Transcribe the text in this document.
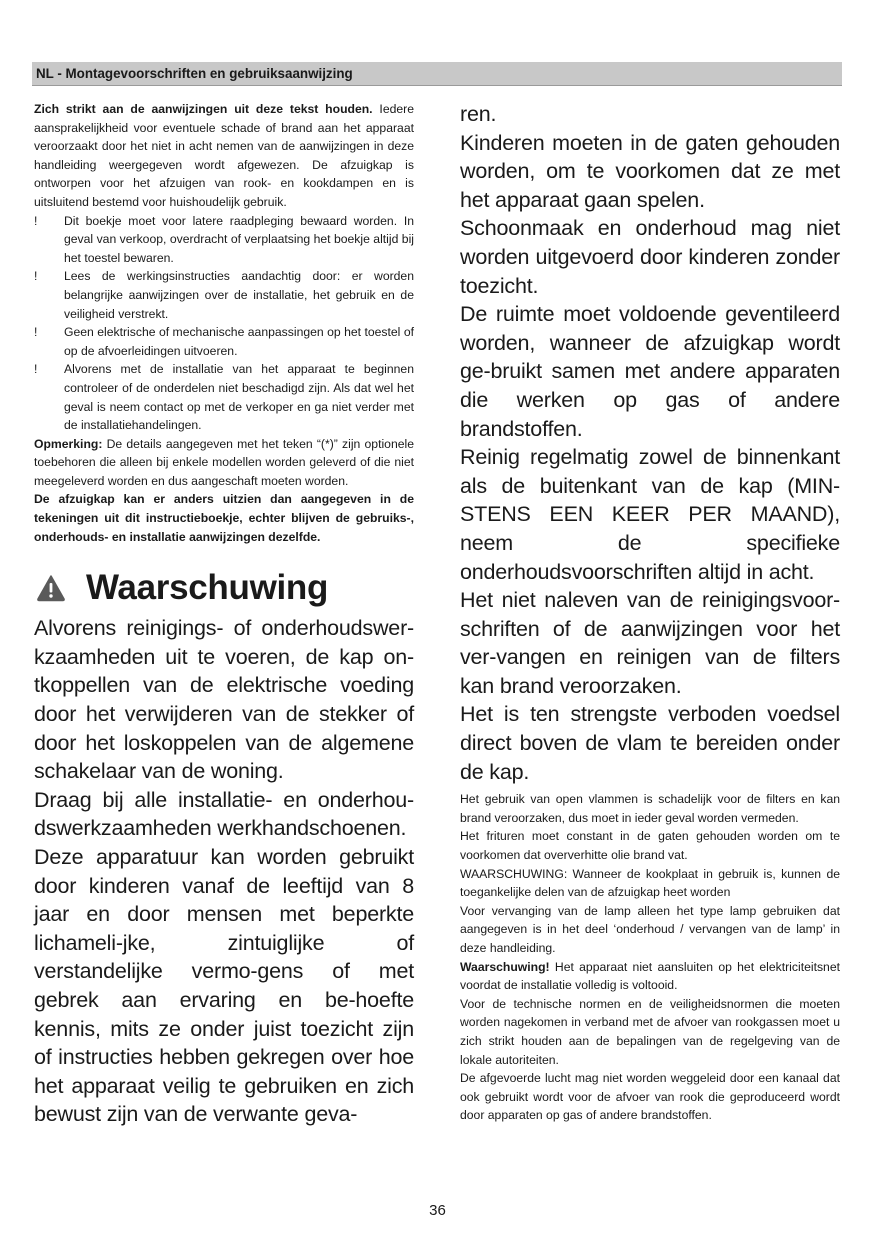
NL - Montagevoorschriften en gebruiksaanwijzing

Zich strikt aan de aanwijzingen uit deze tekst houden. Iedere aansprakelijkheid voor eventuele schade of brand aan het apparaat veroorzaakt door het niet in acht nemen van de aanwijzingen in deze handleiding weergegeven wordt afgewezen. De afzuigkap is ontworpen voor het afzuigen van rook- en kookdampen en is uitsluitend bestemd voor huishoudelijk gebruik.

! Dit boekje moet voor latere raadpleging bewaard worden. In geval van verkoop, overdracht of verplaatsing het boekje altijd bij het toestel bewaren.

! Lees de werkingsinstructies aandachtig door: er worden belangrijke aanwijzingen over de installatie, het gebruik en de veiligheid verstrekt.

! Geen elektrische of mechanische aanpassingen op het toestel of op de afvoerleidingen uitvoeren.

! Alvorens met de installatie van het apparaat te beginnen controleer of de onderdelen niet beschadigd zijn. Als dat wel het geval is neem contact op met de verkoper en ga niet verder met de installatiehandelingen.

Opmerking: De details aangegeven met het teken “(*)” zijn optionele toebehoren die alleen bij enkele modellen worden geleverd of die niet meegeleverd worden en dus aangeschaft moeten worden.

De afzuigkap kan er anders uitzien dan aangegeven in de tekeningen uit dit instructieboekje, echter blijven de gebruiks-, onderhouds- en installatie aanwijzingen dezelfde.

Waarschuwing

Alvorens reinigings- of onderhoudswer-kzaamheden uit te voeren, de kap on-tkoppellen van de elektrische voeding door het verwijderen van de stekker of door het loskoppelen van de algemene schakelaar van de woning.

Draag bij alle installatie- en onderhou-dswerkzaamheden werkhandschoenen.

Deze apparatuur kan worden gebruikt door kinderen vanaf de leeftijd van 8 jaar en door mensen met beperkte lichameli-jke, zintuiglijke of verstandelijke vermo-gens of met gebrek aan ervaring en be-hoefte kennis, mits ze onder juist toezicht zijn of instructies hebben gekregen over hoe het apparaat veilig te gebruiken en zich bewust zijn van de verwante geva-

ren.

Kinderen moeten in de gaten gehouden worden, om te voorkomen dat ze met het apparaat gaan spelen.

Schoonmaak en onderhoud mag niet worden uitgevoerd door kinderen zonder toezicht.

De ruimte moet voldoende geventileerd worden, wanneer de afzuigkap wordt ge-bruikt samen met andere apparaten die werken op gas of andere brandstoffen.

Reinig regelmatig zowel de binnenkant als de buitenkant van de kap (MIN-STENS EEN KEER PER MAAND), neem de specifieke onderhoudsvoorschriften altijd in acht.

Het niet naleven van de reinigingsvoor-schriften of de aanwijzingen voor het ver-vangen en reinigen van de filters kan brand veroorzaken.

Het is ten strengste verboden voedsel direct boven de vlam te bereiden onder de kap.

Het gebruik van open vlammen is schadelijk voor de filters en kan brand veroorzaken, dus moet in ieder geval worden vermeden.

Het frituren moet constant in de gaten gehouden worden om te voorkomen dat oververhitte olie brand vat.

WAARSCHUWING: Wanneer de kookplaat in gebruik is, kunnen de toegankelijke delen van de afzuigkap heet worden

Voor vervanging van de lamp alleen het type lamp gebruiken dat aangegeven is in het deel ‘onderhoud / vervangen van de lamp’ in deze handleiding.

Waarschuwing! Het apparaat niet aansluiten op het elektriciteitsnet voordat de installatie volledig is voltooid.

Voor de technische normen en de veiligheidsnormen die moeten worden nagekomen in verband met de afvoer van rookgassen moet u zich strikt houden aan de bepalingen van de regelgeving van de lokale autoriteiten.

De afgevoerde lucht mag niet worden weggeleid door een kanaal dat ook gebruikt wordt voor de afvoer van rook die geproduceerd wordt door apparaten op gas of andere brandstoffen.

36
